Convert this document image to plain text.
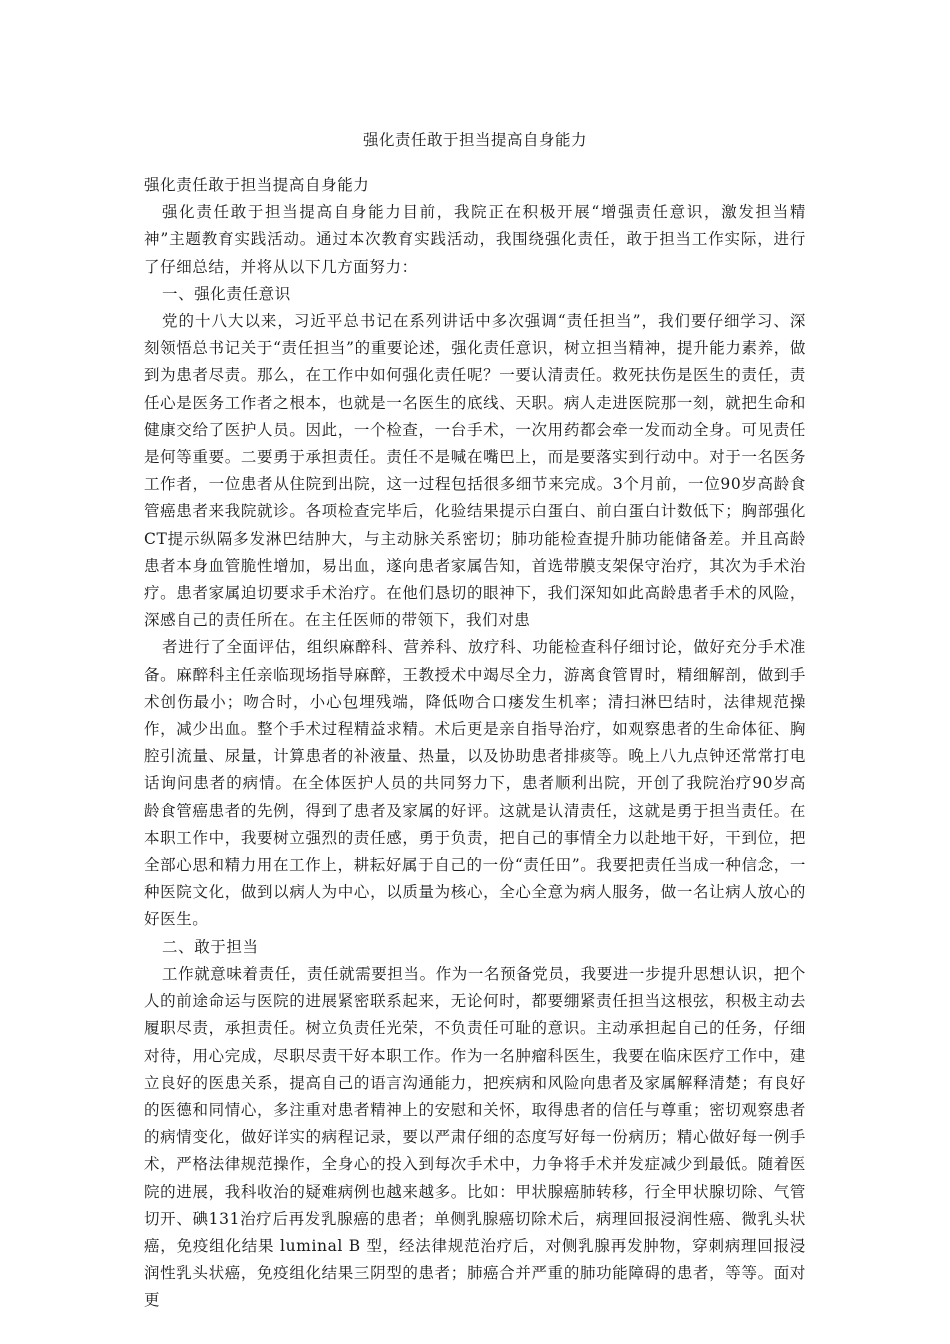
强化责任敢于担当提高自身能力

强化责任敢于担当提高自身能力

强化责任敢于担当提高自身能力目前，我院正在积极开展“增强责任意识，激发担当精神”主题教育实践活动。通过本次教育实践活动，我围绕强化责任，敢于担当工作实际，进行了仔细总结，并将从以下几方面努力：

一、强化责任意识

党的十八大以来，习近平总书记在系列讲话中多次强调“责任担当”，我们要仔细学习、深刻领悟总书记关于“责任担当”的重要论述，强化责任意识，树立担当精神，提升能力素养，做到为患者尽责。那么，在工作中如何强化责任呢？一要认清责任。救死扶伤是医生的责任，责任心是医务工作者之根本，也就是一名医生的底线、天职。病人走进医院那一刻，就把生命和健康交给了医护人员。因此，一个检查，一台手术，一次用药都会牵一发而动全身。可见责任是何等重要。二要勇于承担责任。责任不是喊在嘴巴上，而是要落实到行动中。对于一名医务工作者，一位患者从住院到出院，这一过程包括很多细节来完成。3个月前，一位90岁高龄食管癌患者来我院就诊。各项检查完毕后，化验结果提示白蛋白、前白蛋白计数低下；胸部强化CT提示纵隔多发淋巴结肿大，与主动脉关系密切；肺功能检查提升肺功能储备差。并且高龄患者本身血管脆性增加，易出血，遂向患者家属告知，首选带膜支架保守治疗，其次为手术治疗。患者家属迫切要求手术治疗。在他们恳切的眼神下，我们深知如此高龄患者手术的风险，深感自己的责任所在。在主任医师的带领下，我们对患

者进行了全面评估，组织麻醉科、营养科、放疗科、功能检查科仔细讨论，做好充分手术准备。麻醉科主任亲临现场指导麻醉，王教授术中竭尽全力，游离食管胃时，精细解剖，做到手术创伤最小；吻合时，小心包埋残端，降低吻合口瘘发生机率；清扫淋巴结时，法律规范操作，减少出血。整个手术过程精益求精。术后更是亲自指导治疗，如观察患者的生命体征、胸腔引流量、尿量，计算患者的补液量、热量，以及协助患者排痰等。晚上八九点钟还常常打电话询问患者的病情。在全体医护人员的共同努力下，患者顺利出院，开创了我院治疗90岁高龄食管癌患者的先例，得到了患者及家属的好评。这就是认清责任，这就是勇于担当责任。在本职工作中，我要树立强烈的责任感，勇于负责，把自己的事情全力以赴地干好，干到位，把全部心思和精力用在工作上，耕耘好属于自己的一份“责任田”。我要把责任当成一种信念，一种医院文化，做到以病人为中心，以质量为核心，全心全意为病人服务，做一名让病人放心的好医生。

二、敢于担当

工作就意味着责任，责任就需要担当。作为一名预备党员，我要进一步提升思想认识，把个人的前途命运与医院的进展紧密联系起来，无论何时，都要绷紧责任担当这根弦，积极主动去履职尽责，承担责任。树立负责任光荣，不负责任可耻的意识。主动承担起自己的任务，仔细对待，用心完成，尽职尽责干好本职工作。作为一名肿瘤科医生，我要在临床医疗工作中，建立良好的医患关系，提高自己的语言沟通能力，把疾病和风险向患者及家属解释清楚；有良好的医德和同情心，多注重对患者精神上的安慰和关怀，取得患者的信任与尊重；密切观察患者的病情变化，做好详实的病程记录，要以严肃仔细的态度写好每一份病历；精心做好每一例手术，严格法律规范操作，全身心的投入到每次手术中，力争将手术并发症减少到最低。随着医院的进展，我科收治的疑难病例也越来越多。比如：甲状腺癌肺转移，行全甲状腺切除、气管切开、碘131治疗后再发乳腺癌的患者；单侧乳腺癌切除术后，病理回报浸润性癌、微乳头状癌，免疫组化结果 luminal B 型，经法律规范治疗后，对侧乳腺再发肿物，穿刺病理回报浸润性乳头状癌，免疫组化结果三阴型的患者；肺癌合并严重的肺功能障碍的患者，等等。面对更
